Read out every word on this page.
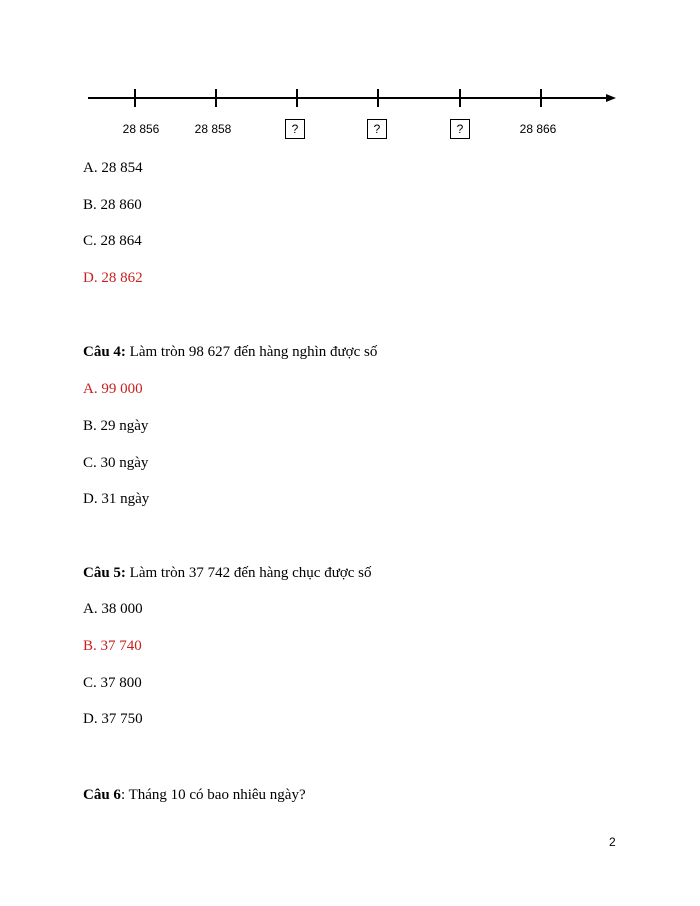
28 856	28 858	?	?	?	28 866
A. 28 854
B. 28 860
C. 28 864
D. 28 862
Câu 4: Làm tròn 98 627 đến hàng nghìn được số
A. 99 000
B. 29 ngày
C. 30 ngày
D. 31 ngày
Câu 5: Làm tròn 37 742 đến hàng chục được số
A. 38 000
B. 37 740
C. 37 800
D. 37 750
Câu 6: Tháng 10 có bao nhiêu ngày?
2
